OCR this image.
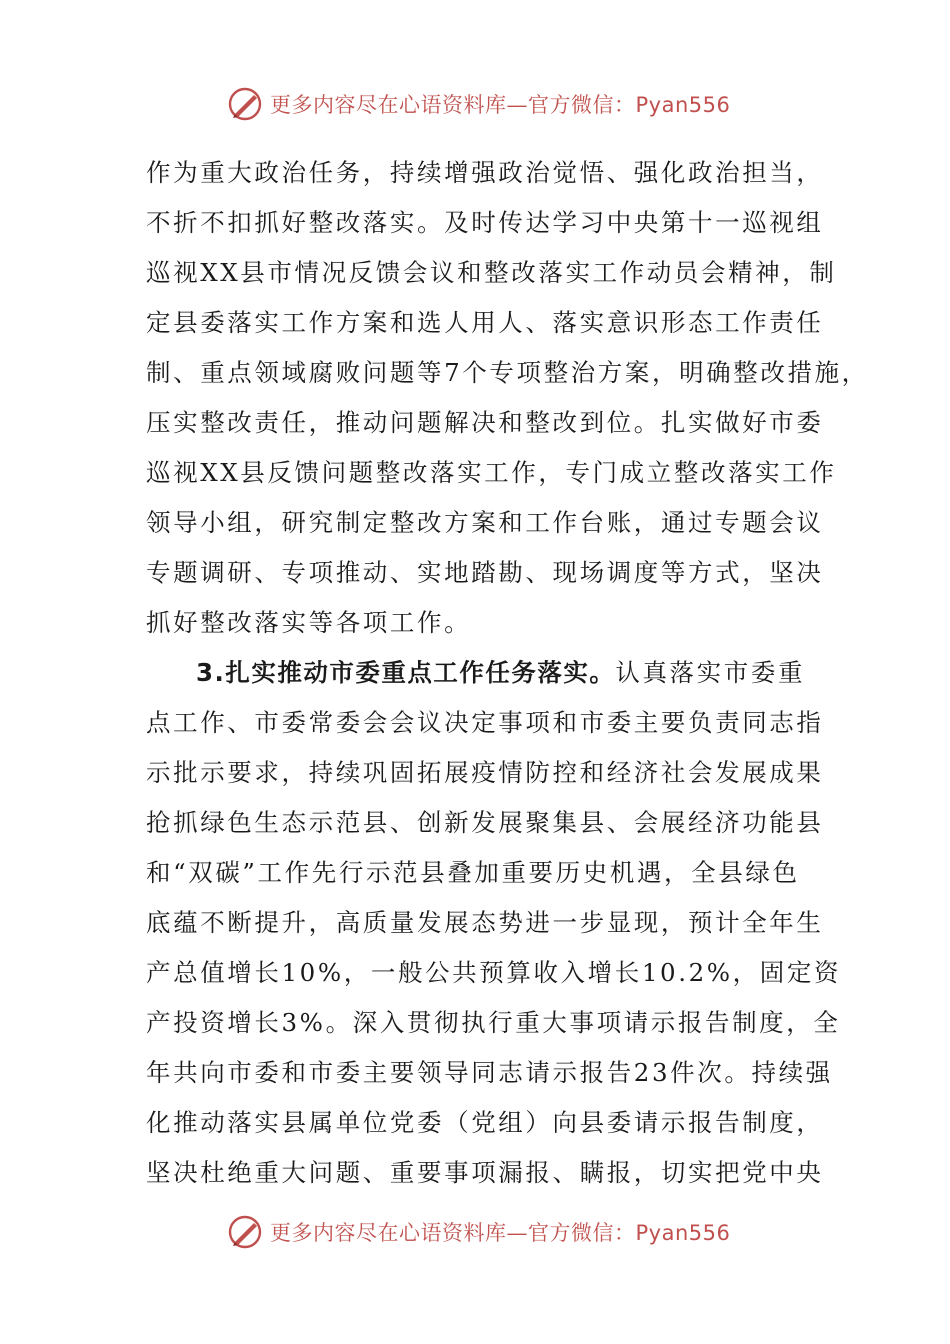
更多内容尽在心语资料库—官方微信：Pyan556
作为重大政治任务，持续增强政治觉悟、强化政治担当，
不折不扣抓好整改落实。及时传达学习中央第十一巡视组
巡视XX县市情况反馈会议和整改落实工作动员会精神，制
定县委落实工作方案和选人用人、落实意识形态工作责任
制、重点领域腐败问题等7个专项整治方案，明确整改措施，
压实整改责任，推动问题解决和整改到位。扎实做好市委
巡视XX县反馈问题整改落实工作，专门成立整改落实工作
领导小组，研究制定整改方案和工作台账，通过专题会议
专题调研、专项推动、实地踏勘、现场调度等方式，坚决
抓好整改落实等各项工作。
3.扎实推动市委重点工作任务落实。认真落实市委重
点工作、市委常委会会议决定事项和市委主要负责同志指
示批示要求，持续巩固拓展疫情防控和经济社会发展成果
抢抓绿色生态示范县、创新发展聚集县、会展经济功能县
和“双碳”工作先行示范县叠加重要历史机遇，全县绿色
底蕴不断提升，高质量发展态势进一步显现，预计全年生
产总值增长10%，一般公共预算收入增长10.2%，固定资
产投资增长3%。深入贯彻执行重大事项请示报告制度，全
年共向市委和市委主要领导同志请示报告23件次。持续强
化推动落实县属单位党委（党组）向县委请示报告制度，
坚决杜绝重大问题、重要事项漏报、瞒报，切实把党中央
更多内容尽在心语资料库—官方微信：Pyan556
